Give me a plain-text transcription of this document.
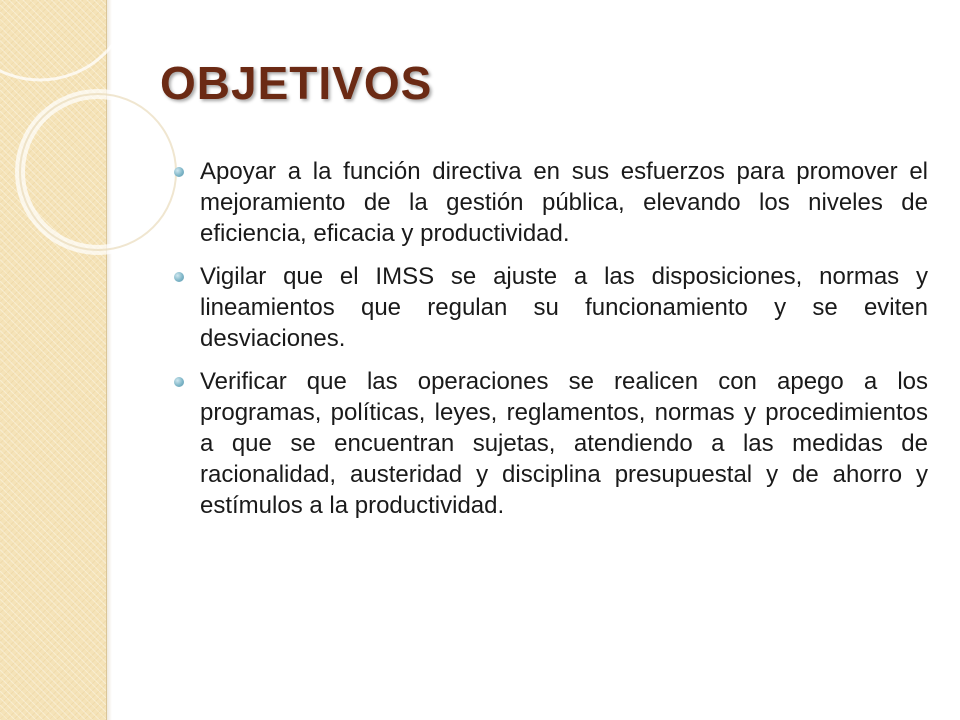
OBJETIVOS
Apoyar a la función directiva en sus esfuerzos para promover el mejoramiento de la gestión pública, elevando los niveles de eficiencia, eficacia y productividad.
Vigilar que el IMSS se ajuste a las disposiciones, normas y lineamientos que regulan su funcionamiento y se eviten desviaciones.
Verificar que las operaciones se realicen con apego a los programas, políticas, leyes, reglamentos, normas y procedimientos a que se encuentran sujetas, atendiendo a las medidas de racionalidad, austeridad y disciplina presupuestal y de ahorro y estímulos a la productividad.
